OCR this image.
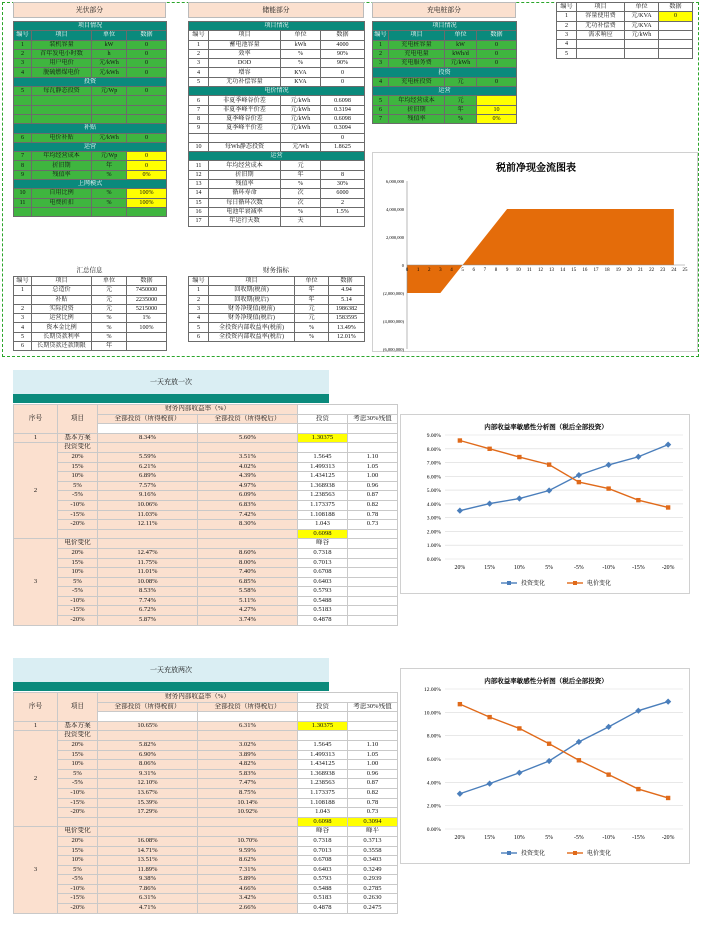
光伏部分
项目情况			
编号	项目	单位	数据
1	装机容量	kW	0
2	首年发电小时数	h	0
3	用户电价	元/kWh	0
4	脱硫燃煤电价	元/kWh	0
投资			
5	每瓦静态投资	元/Wp	0

补贴			
6	电价补贴	元/kWh	0
运营			
7	年均经营成本	元/Wp	0
8	折旧期	年	0
9	残值率	%	0%
上网模式			
10	自用比例	%	100%
11	电费折扣	%	100%

储能部分
项目情况			
编号	项目	单位	数据
1	蓄电池容量	kWh	4000
2	效率	%	90%
3	DOD	%	90%
4	增容	KVA	0
5	无功补偿容量	KVA	0
电价情况			
6	非夏季峰谷价差	元/kWh	0.6098
7	非夏季峰平价差	元/kWh	0.3194
8	夏季峰谷价差	元/kWh	0.6098
9	夏季峰平价差	元/kWh	0.3094
			0
10	每Wh静态投资	元/Wh	1.8625
运营			
11	年均经营成本	元	
12	折旧期	年	8
13	残值率	%	30%
14	循环寿命	次	6000
15	每日循环次数	次	2
16	电池年衰减率	%	1.5%
17	年运行天数	天	
充电桩部分
项目情况			
编号	项目	单位	数据
1	充电桩容量	kW	0
2	充电电量	kWh/d	0
3	充电服务费	元/kWh	0
投资			
4	充电桩投资	元	0
运营			
5	年均经营成本	元	
6	折旧期	年	10
7	残值率	%	0%
编号	项目	单位	数据
1	容量使用费	元/KVA	0
2	无功补偿费	元/KVA	
3	需求响应	元/kWh	
4			
5			
汇总信息
编号	项目	单位	数据
1	总造价	元	7450000
	补贴	元	2235000
2	实际投资	元	5215000
3	运营比例	%	1%
4	资本金比例	%	100%
5	长期贷款利率	%	
6	长期贷款还款期限	年	
财务指标
编号	项目	单位	数据
1	回收期(税前)	年	4.94
2	回收期(税后)	年	5.14
3	财务净现值(税前)	元	1986382
4	财务净现值(税后)	元	1583595
5	全投资内部收益率(税前)	%	13.49%
6	全投资内部收益率(税后)	%	12.01%
税前净现金流图表
6,000,000
4,000,000
2,000,000
0
(2,000,000)
(4,000,000)
(6,000,000)
0 1 2 3 4 5 6 7 8 9 10 11 12 13 14 15 16 17 18 19 20 21 22 23 24 25
一天充放一次
序号	项目	财务内部收益率（%）			
		全部投资（所得税前）	全部投资（所得税后）	投资	考虑30%残值

1	基本方案	8.34%	5.60%	1.30375	
2	投资变化				
	20%	5.59%	3.51%	1.5645	1.10
	15%	6.21%	4.02%	1.499313	1.05
	10%	6.89%	4.39%	1.434125	1.00
	5%	7.57%	4.97%	1.368938	0.96
	-5%	9.16%	6.09%	1.238563	0.87
	-10%	10.06%	6.83%	1.173375	0.82
	-15%	11.03%	7.42%	1.108188	0.78
	-20%	12.11%	8.30%	1.043	0.73
				0.6098	
3	电价变化			峰谷	
	20%	12.47%	8.60%	0.7318	
	15%	11.75%	8.00%	0.7013	
	10%	11.01%	7.40%	0.6708	
	5%	10.08%	6.85%	0.6403	
	-5%	8.53%	5.58%	0.5793	
	-10%	7.74%	5.11%	0.5488	
	-15%	6.72%	4.27%	0.5183	
	-20%	5.87%	3.74%	0.4878	
内部收益率敏感性分析图（税后全部投资）
9.00%
8.00%
7.00%
6.00%
5.00%
4.00%
3.00%
2.00%
1.00%
0.00%
20%	15%	10%	5%	-5%	-10%	-15%	-20%
投资变化	电价变化
一天充放两次
序号	项目	财务内部收益率（%）			
		全部投资（所得税前）	全部投资（所得税后）	投资	考虑30%残值

1	基本方案	10.65%	6.31%	1.30375	
2	投资变化				
	20%	5.82%	3.02%	1.5645	1.10
	15%	6.90%	3.89%	1.499313	1.05
	10%	8.06%	4.82%	1.434125	1.00
	5%	9.31%	5.83%	1.368938	0.96
	-5%	12.10%	7.47%	1.238563	0.87
	-10%	13.67%	8.75%	1.173375	0.82
	-15%	15.39%	10.14%	1.108188	0.78
	-20%	17.29%	10.92%	1.043	0.73
				0.6098	0.3094
3	电价变化			峰谷	峰平
	20%	16.08%	10.70%	0.7318	0.3713
	15%	14.71%	9.59%	0.7013	0.3558
	10%	13.51%	8.62%	0.6708	0.3403
	5%	11.89%	7.31%	0.6403	0.3249
	-5%	9.38%	5.89%	0.5793	0.2939
	-10%	7.86%	4.66%	0.5488	0.2785
	-15%	6.31%	3.42%	0.5183	0.2630
	-20%	4.71%	2.66%	0.4878	0.2475
内部收益率敏感性分析图（税后全部投资）
12.00%
10.00%
8.00%
6.00%
4.00%
2.00%
0.00%
20%	15%	10%	5%	-5%	-10%	-15%	-20%
投资变化	电价变化
